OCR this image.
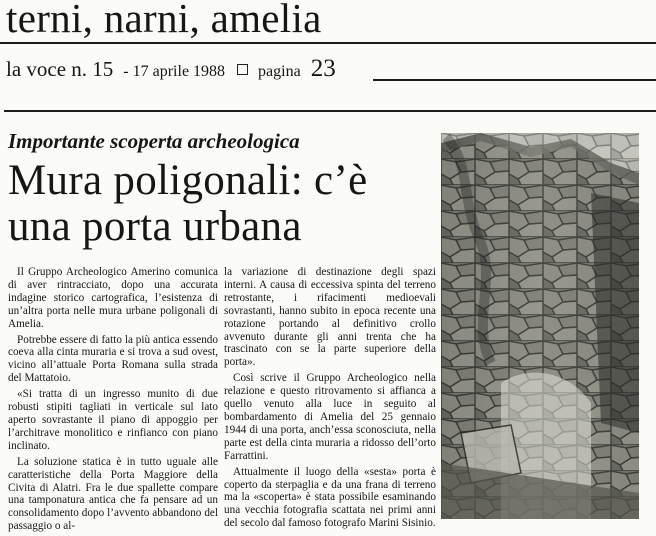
terni, narni, amelia
la voce n. 15 - 17 aprile 1988 pagina 23
Importante scoperta archeologica
Mura poligonali: c’è una porta urbana

Il Gruppo Archeologico Amerino comunica di aver rintracciato, dopo una accurata indagine storico cartografica, l’esistenza di un’altra porta nelle mura urbane poligonali di Amelia.

Potrebbe essere di fatto la più antica essendo coeva alla cinta muraria e si trova a sud ovest, vicino all’attuale Porta Romana sulla strada del Mattatoio.

«Si tratta di un ingresso munito di due robusti stipiti tagliati in verticale sul lato aperto sovrastante il piano di appoggio per l’architrave monolitico e rinfianco con piano inclinato.

La soluzione statica è in tutto uguale alle caratteristiche della Porta Maggiore della Civita di Alatri. Fra le due spallette compare una tamponatura antica che fa pensare ad un consolidamento dopo l’avvento abbandono del passaggio o al-

la variazione di destinazione degli spazi interni. A causa di eccessiva spinta del terreno retrostante, i rifacimenti medioevali sovrastanti, hanno subito in epoca recente una rotazione portando al definitivo crollo avvenuto durante gli anni trenta che ha trascinato con se la parte superiore della porta».

Così scrive il Gruppo Archeologico nella relazione e questo ritrovamento si affianca a quello venuto alla luce in seguito al bombardamento di Amelia del 25 gennaio 1944 di una porta, anch’essa sconosciuta, nella parte est della cinta muraria a ridosso dell’orto Farrattini.

Attualmente il luogo della «sesta» porta è coperto da sterpaglia e da una frana di terreno ma la «scoperta» è stata possibile esaminando una vecchia fotografia scattata nei primi anni del secolo dal famoso fotografo Marini Sisinio.
